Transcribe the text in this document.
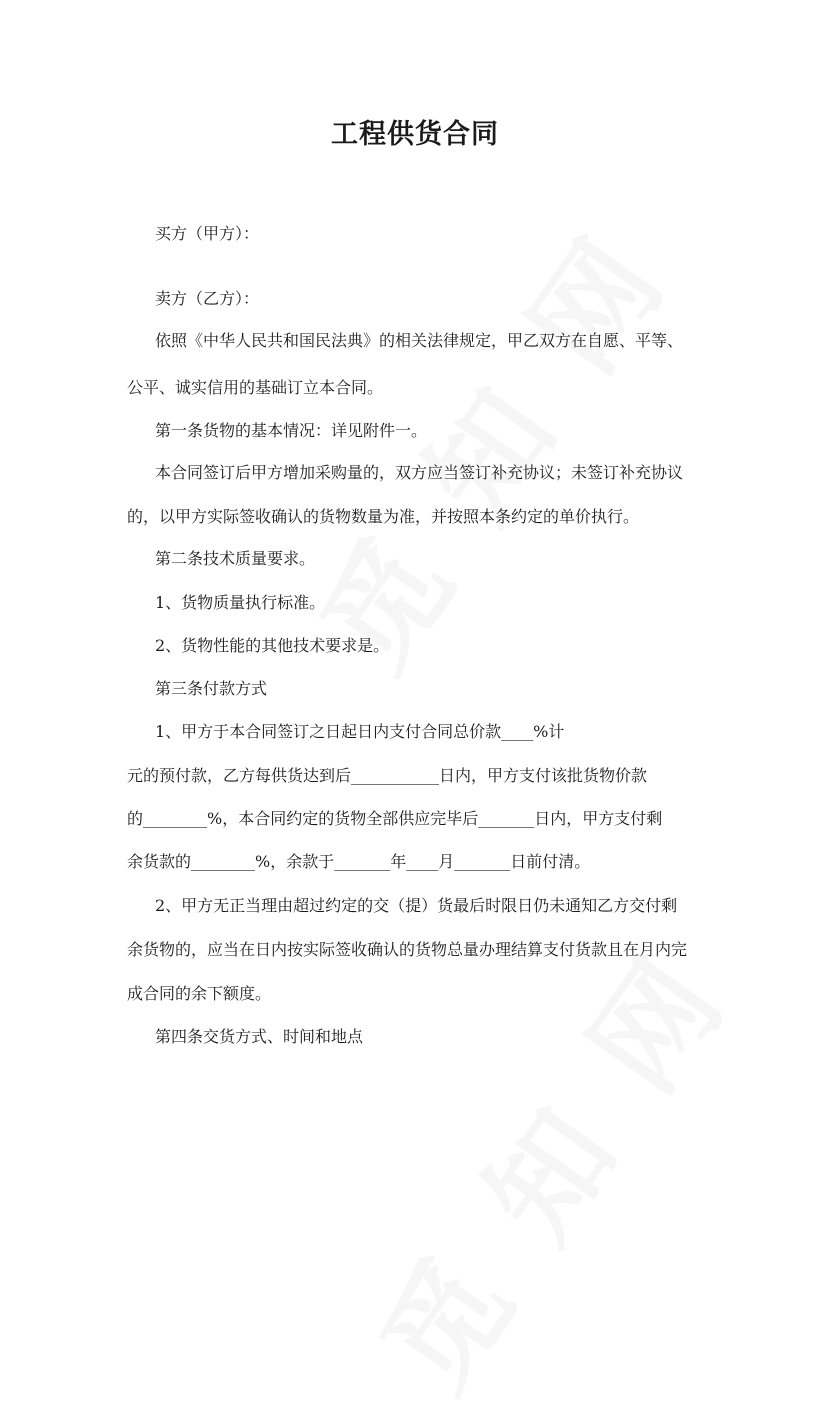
工程供货合同

买方（甲方）：

卖方（乙方）：

依照《中华人民共和国民法典》的相关法律规定，甲乙双方在自愿、平等、

公平、诚实信用的基础订立本合同。

第一条货物的基本情况：详见附件一。

本合同签订后甲方增加采购量的，双方应当签订补充协议；未签订补充协议

的，以甲方实际签收确认的货物数量为准，并按照本条约定的单价执行。

第二条技术质量要求。

1、货物质量执行标准。

2、货物性能的其他技术要求是。

第三条付款方式

1、甲方于本合同签订之日起日内支付合同总价款____%计

元的预付款，乙方每供货达到后___________日内，甲方支付该批货物价款

的________%，本合同约定的货物全部供应完毕后_______日内，甲方支付剩

余货款的________%，余款于_______年____月_______日前付清。

2、甲方无正当理由超过约定的交（提）货最后时限日仍未通知乙方交付剩

余货物的，应当在日内按实际签收确认的货物总量办理结算支付货款且在月内完

成合同的余下额度。

第四条交货方式、时间和地点
